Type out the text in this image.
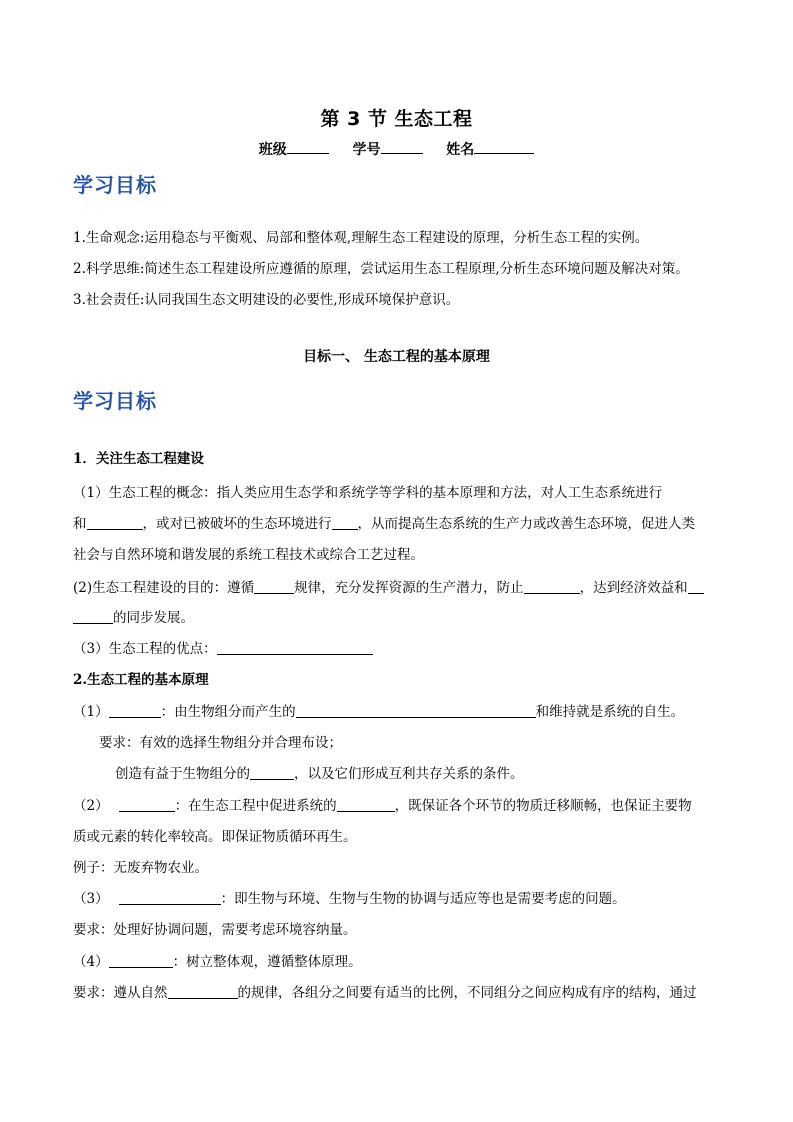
第 3 节 生态工程
班级	学号	姓名
学习目标
1.生命观念:运用稳态与平衡观、局部和整体观,理解生态工程建设的原理，分析生态工程的实例。
2.科学思维:简述生态工程建设所应遵循的原理，尝试运用生态工程原理,分析生态环境问题及解决对策。
3.社会责任:认同我国生态文明建设的必要性,形成环境保护意识。
目标一、 生态工程的基本原理
学习目标
1．关注生态工程建设
（1）生态工程的概念：指人类应用生态学和系统学等学科的基本原理和方法，对人工生态系统进行
和	，或对已被破坏的生态环境进行 ，从而提高生态系统的生产力或改善生态环境，促进人类
社会与自然环境和谐发展的系统工程技术或综合工艺过程。
(2)生态工程建设的目的：遵循	规律，充分发挥资源的生产潜力，防止	，达到经济效益和
的同步发展。
（3）生态工程的优点：
2.生态工程的基本原理
（1）	：由生物组分而产生的	和维持就是系统的自生。
要求：有效的选择生物组分并合理布设；
创造有益于生物组分的	，以及它们形成互利共存关系的条件。
（2）	：在生态工程中促进系统的	，既保证各个环节的物质迁移顺畅，也保证主要物
质或元素的转化率较高。即保证物质循环再生。
例子：无废弃物农业。
（3）	：即生物与环境、生物与生物的协调与适应等也是需要考虑的问题。
要求：处理好协调问题，需要考虑环境容纳量。
（4）	：树立整体观，遵循整体原理。
要求：遵从自然	的规律，各组分之间要有适当的比例，不同组分之间应构成有序的结构，通过
